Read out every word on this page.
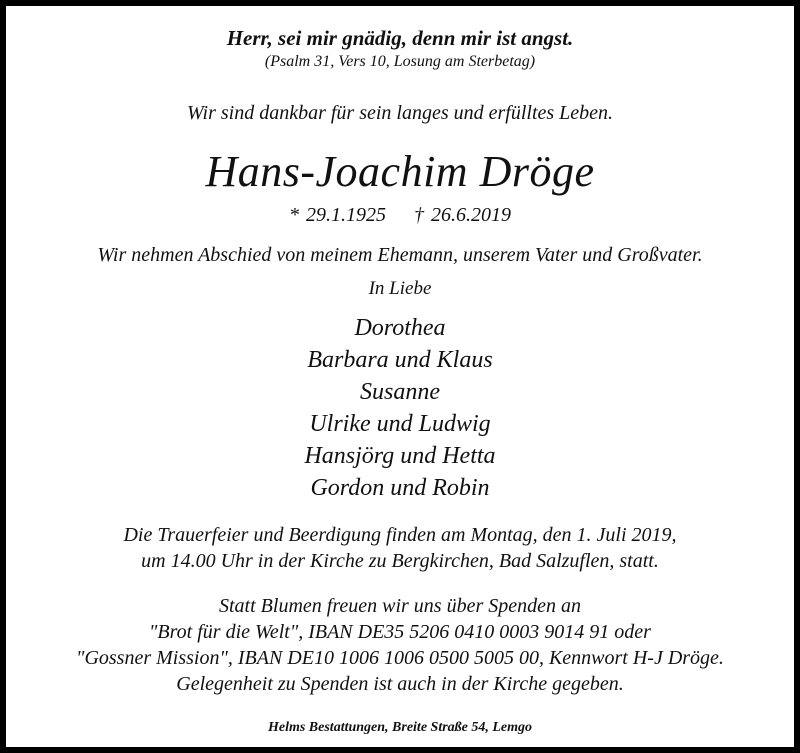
Herr, sei mir gnädig, denn mir ist angst.
(Psalm 31, Vers 10, Losung am Sterbetag)
Wir sind dankbar für sein langes und erfülltes Leben.
Hans-Joachim Dröge
* 29.1.1925 † 26.6.2019
Wir nehmen Abschied von meinem Ehemann, unserem Vater und Großvater.
In Liebe
Dorothea
Barbara und Klaus
Susanne
Ulrike und Ludwig
Hansjörg und Hetta
Gordon und Robin
Die Trauerfeier und Beerdigung finden am Montag, den 1. Juli 2019,
um 14.00 Uhr in der Kirche zu Bergkirchen, Bad Salzuflen, statt.
Statt Blumen freuen wir uns über Spenden an
"Brot für die Welt", IBAN DE35 5206 0410 0003 9014 91 oder
"Gossner Mission", IBAN DE10 1006 1006 0500 5005 00, Kennwort H-J Dröge.
Gelegenheit zu Spenden ist auch in der Kirche gegeben.
Helms Bestattungen, Breite Straße 54, Lemgo
